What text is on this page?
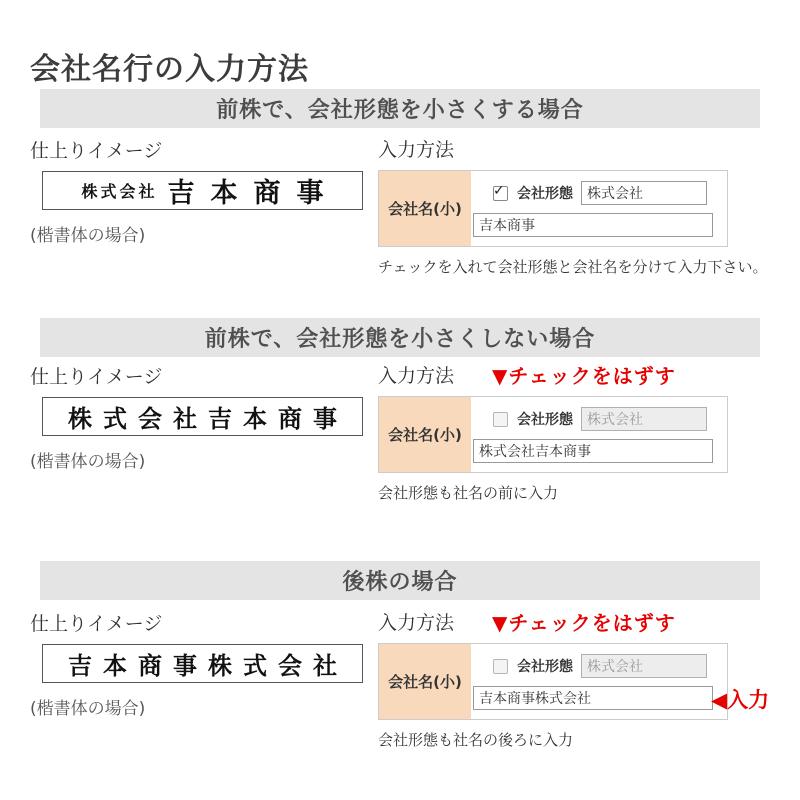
会社名行の入力方法
前株で、会社形態を小さくする場合
仕上りイメージ
株式会社 吉本商事
(楷書体の場合)
入力方法
会社名(小)
✓
会社形態
株式会社
吉本商事
チェックを入れて会社形態と会社名を分けて入力下さい。
前株で、会社形態を小さくしない場合
仕上りイメージ
株式会社吉本商事
(楷書体の場合)
入力方法 ▼チェックをはずす
会社名(小)
会社形態
株式会社
株式会社吉本商事
会社形態も社名の前に入力
後株の場合
仕上りイメージ
吉本商事株式会社
(楷書体の場合)
入力方法 ▼チェックをはずす
会社名(小)
会社形態
株式会社
吉本商事株式会社
◀入力
会社形態も社名の後ろに入力
